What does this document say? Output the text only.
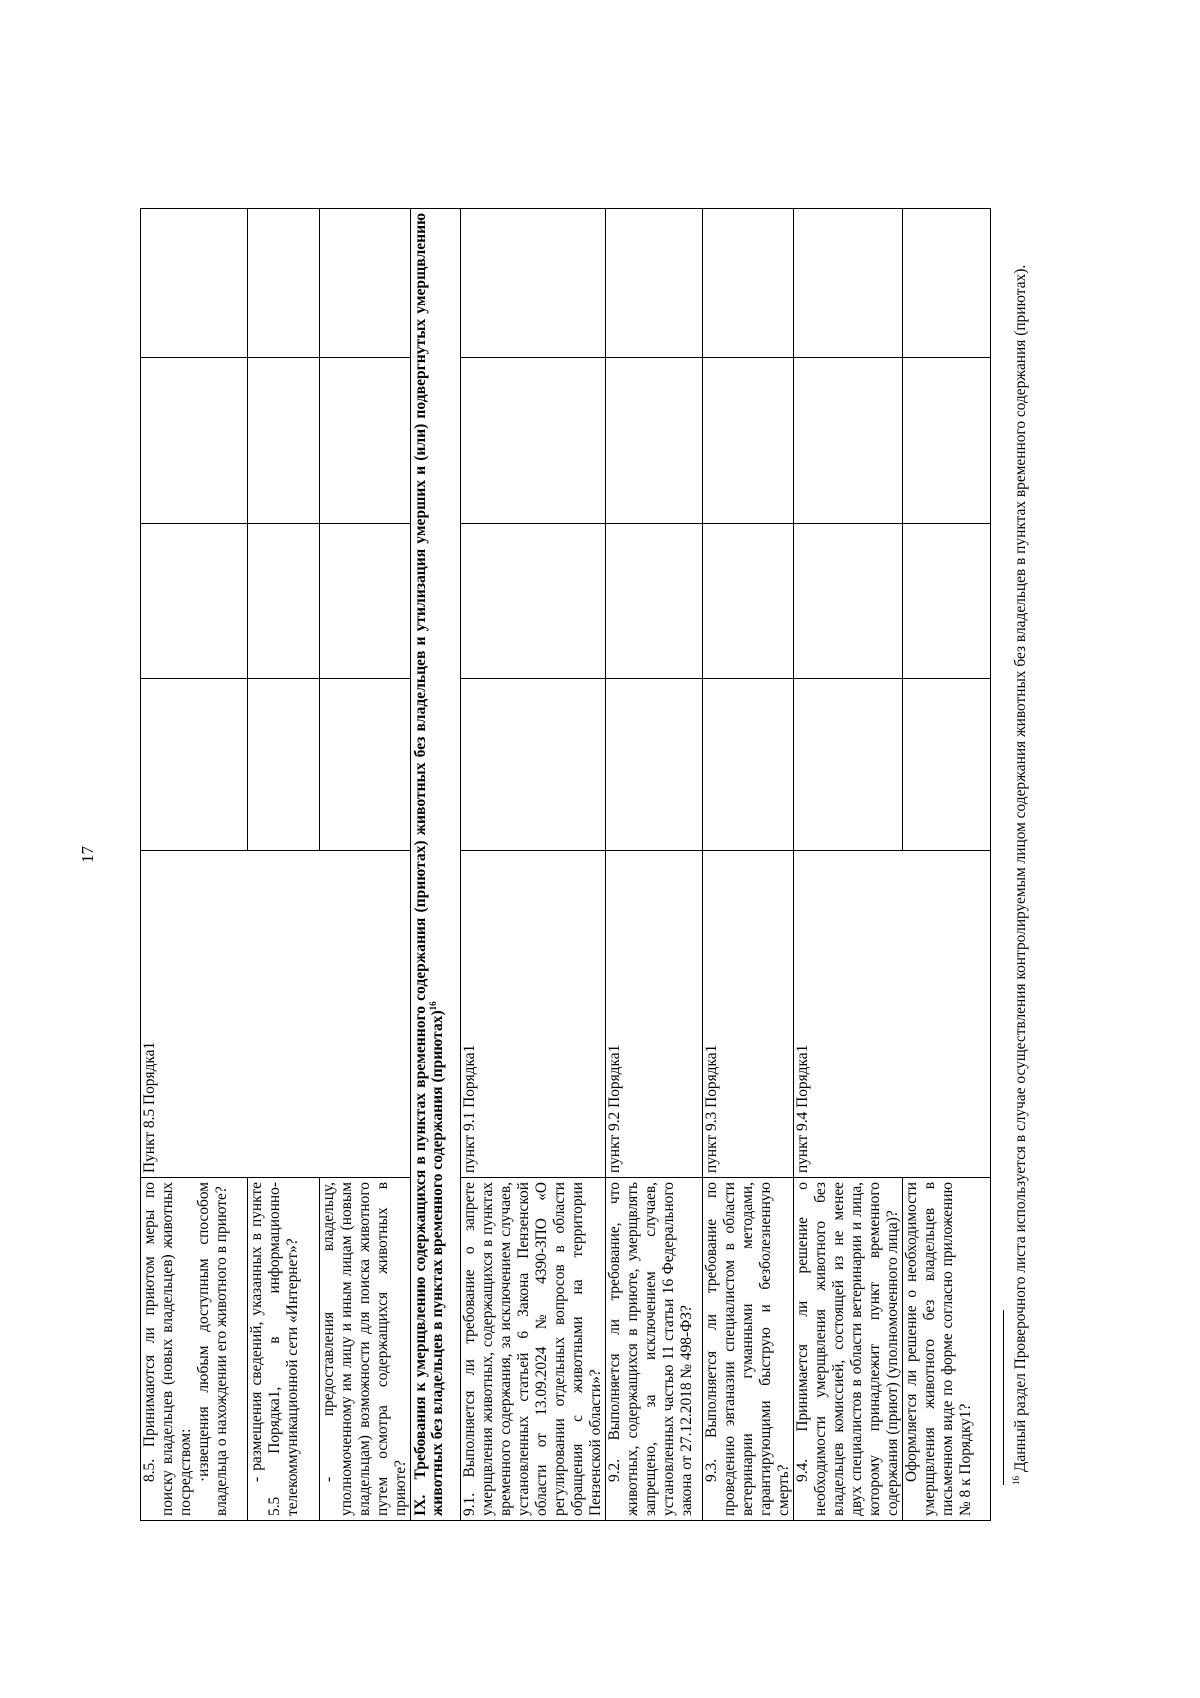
17

8.5. Принимаются ли приютом меры по поиску владельцев (новых владельцев) животных посредством: ·извещения любым доступным способом владельца о нахождении его животного в приюте?	Пункт 8.5 Порядка1				

- размещения сведений, указанных в пункте 5.5 Порядка1, в информационно-телекоммуникационной сети «Интернет»?					

- предоставления владельцу, уполномоченному им лицу и иным лицам (новым владельцам) возможности для поиска животного путем осмотра содержащихся животных в приюте?					

IX.   Требования к умерщвлению содержащихся в пунктах временного содержания (приютах) животных без владельцев и утилизация умерших и (или) подвергнутых умерщвлению животных без владельцев в пунктах временного содержания (приютах)$^{16}$

9.1. Выполняется ли требование о запрете умерщвления животных, содержащихся в пунктах временного содержания, за исключением случаев, установленных статьей 6 Закона Пензенской области от 13.09.2024 № 4390-ЗПО «О регулировании отдельных вопросов в области обращения с животными на территории Пензенской области»?	пункт 9.1 Порядка1				

9.2. Выполняется ли требование, что животных, содержащихся в приюте, умерщвлять запрещено, за исключением случаев, установленных частью 11 статьи 16 Федерального закона от 27.12.2018 № 498-ФЗ?	пункт 9.2 Порядка1				

9.3. Выполняется ли требование по проведению эвтаназии специалистом в области ветеринарии гуманными методами, гарантирующими быструю и безболезненную смерть?	пункт 9.3 Порядка1				

9.4. Принимается ли решение о необходимости умерщвления животного без владельцев комиссией, состоящей из не менее двух специалистов в области ветеринарии и лица, которому принадлежит пункт временного содержания (приют) (уполномоченного лица)?	пункт 9.4 Порядка1				

Оформляется ли решение о необходимости умерщвления животного без владельцев в письменном виде по форме согласно приложению № 8 к Порядку1?					

					$^{16}$ Данный раздел Проверочного листа используется в случае осуществления контролируемым лицом содержания животных без владельцев в пунктах временного содержания (приютах).
